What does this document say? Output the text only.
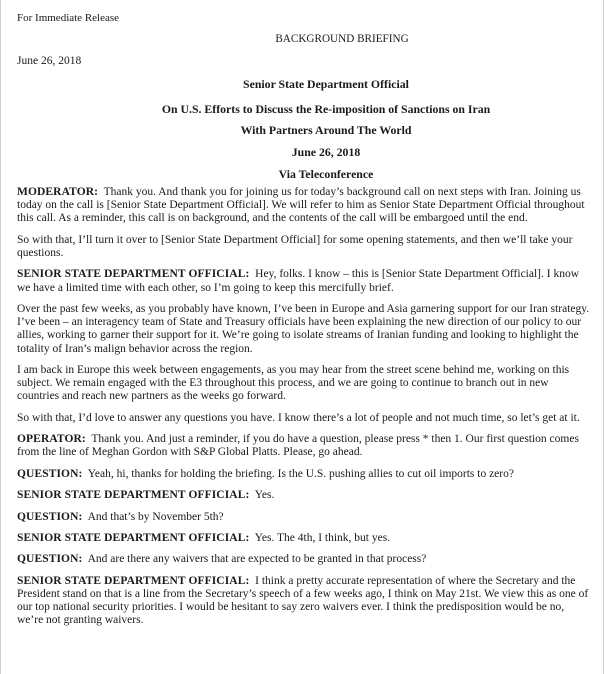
For Immediate Release
BACKGROUND BRIEFING
June 26, 2018
Senior State Department Official
On U.S. Efforts to Discuss the Re-imposition of Sanctions on Iran
With Partners Around The World
June 26, 2018
Via Teleconference

MODERATOR: Thank you. And thank you for joining us for today’s background call on next steps with Iran. Joining us today on the call is [Senior State Department Official]. We will refer to him as Senior State Department Official throughout this call. As a reminder, this call is on background, and the contents of the call will be embargoed until the end.

So with that, I’ll turn it over to [Senior State Department Official] for some opening statements, and then we’ll take your questions.

SENIOR STATE DEPARTMENT OFFICIAL: Hey, folks. I know – this is [Senior State Department Official]. I know we have a limited time with each other, so I’m going to keep this mercifully brief.

Over the past few weeks, as you probably have known, I’ve been in Europe and Asia garnering support for our Iran strategy. I’ve been – an interagency team of State and Treasury officials have been explaining the new direction of our policy to our allies, working to garner their support for it. We’re going to isolate streams of Iranian funding and looking to highlight the totality of Iran’s malign behavior across the region.

I am back in Europe this week between engagements, as you may hear from the street scene behind me, working on this subject. We remain engaged with the E3 throughout this process, and we are going to continue to branch out in new countries and reach new partners as the weeks go forward.

So with that, I’d love to answer any questions you have. I know there’s a lot of people and not much time, so let’s get at it.

OPERATOR: Thank you. And just a reminder, if you do have a question, please press * then 1. Our first question comes from the line of Meghan Gordon with S&P Global Platts. Please, go ahead.

QUESTION: Yeah, hi, thanks for holding the briefing. Is the U.S. pushing allies to cut oil imports to zero?

SENIOR STATE DEPARTMENT OFFICIAL: Yes.

QUESTION: And that’s by November 5th?

SENIOR STATE DEPARTMENT OFFICIAL: Yes. The 4th, I think, but yes.

QUESTION: And are there any waivers that are expected to be granted in that process?

SENIOR STATE DEPARTMENT OFFICIAL: I think a pretty accurate representation of where the Secretary and the President stand on that is a line from the Secretary’s speech of a few weeks ago, I think on May 21st. We view this as one of our top national security priorities. I would be hesitant to say zero waivers ever. I think the predisposition would be no, we’re not granting waivers.
